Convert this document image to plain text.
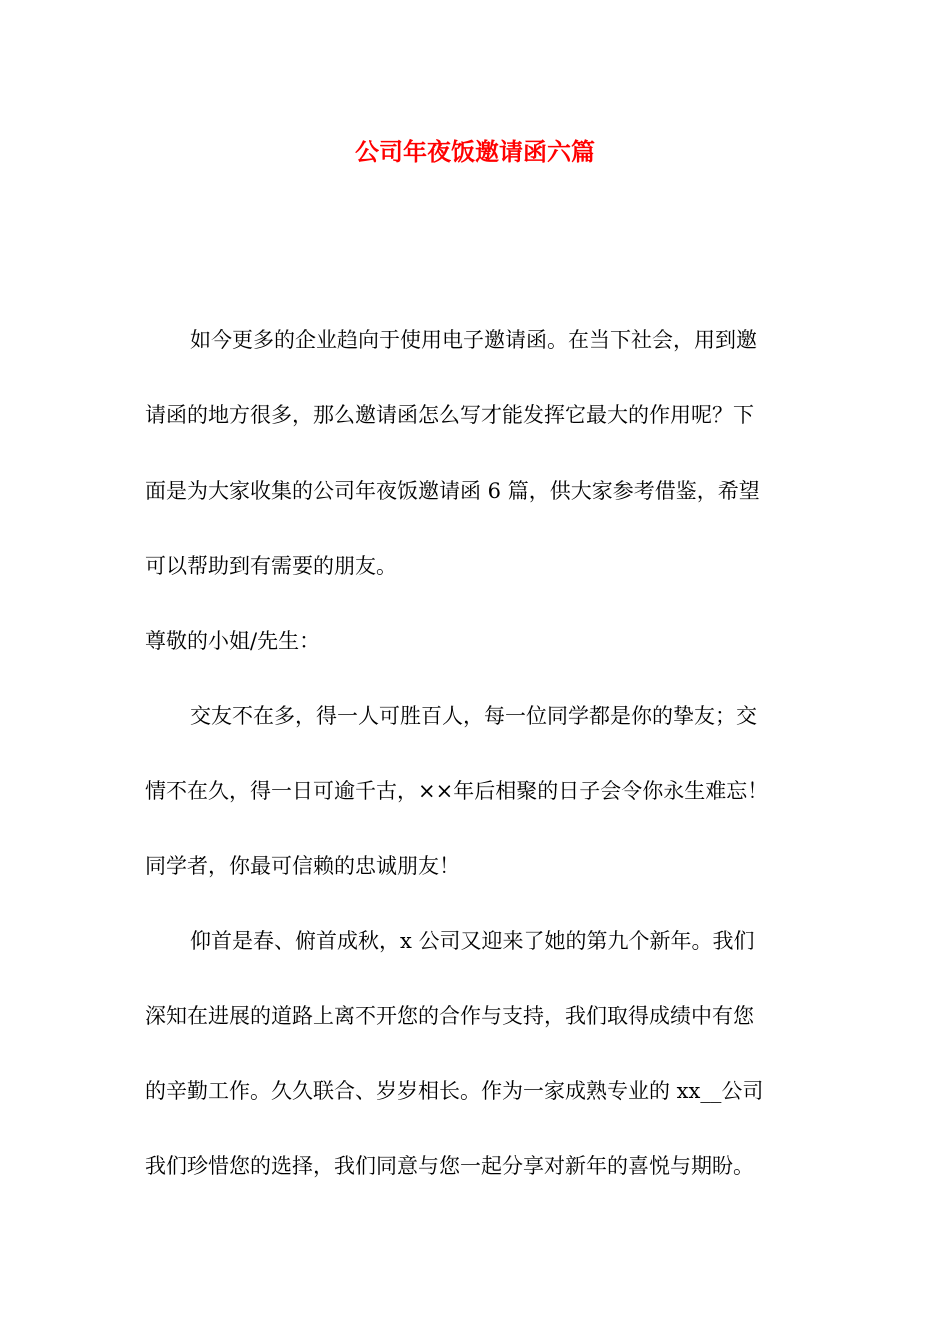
公司年夜饭邀请函六篇

如今更多的企业趋向于使用电子邀请函。在当下社会，用到邀

请函的地方很多，那么邀请函怎么写才能发挥它最大的作用呢？下

面是为大家收集的公司年夜饭邀请函 6 篇，供大家参考借鉴，希望

可以帮助到有需要的朋友。

尊敬的小姐/先生：

交友不在多，得一人可胜百人，每一位同学都是你的挚友；交

情不在久，得一日可逾千古，××年后相聚的日子会令你永生难忘！

同学者，你最可信赖的忠诚朋友！

仰首是春、俯首成秋，x 公司又迎来了她的第九个新年。我们

深知在进展的道路上离不开您的合作与支持，我们取得成绩中有您

的辛勤工作。久久联合、岁岁相长。作为一家成熟专业的 xx__公司

我们珍惜您的选择，我们同意与您一起分享对新年的喜悦与期盼。
